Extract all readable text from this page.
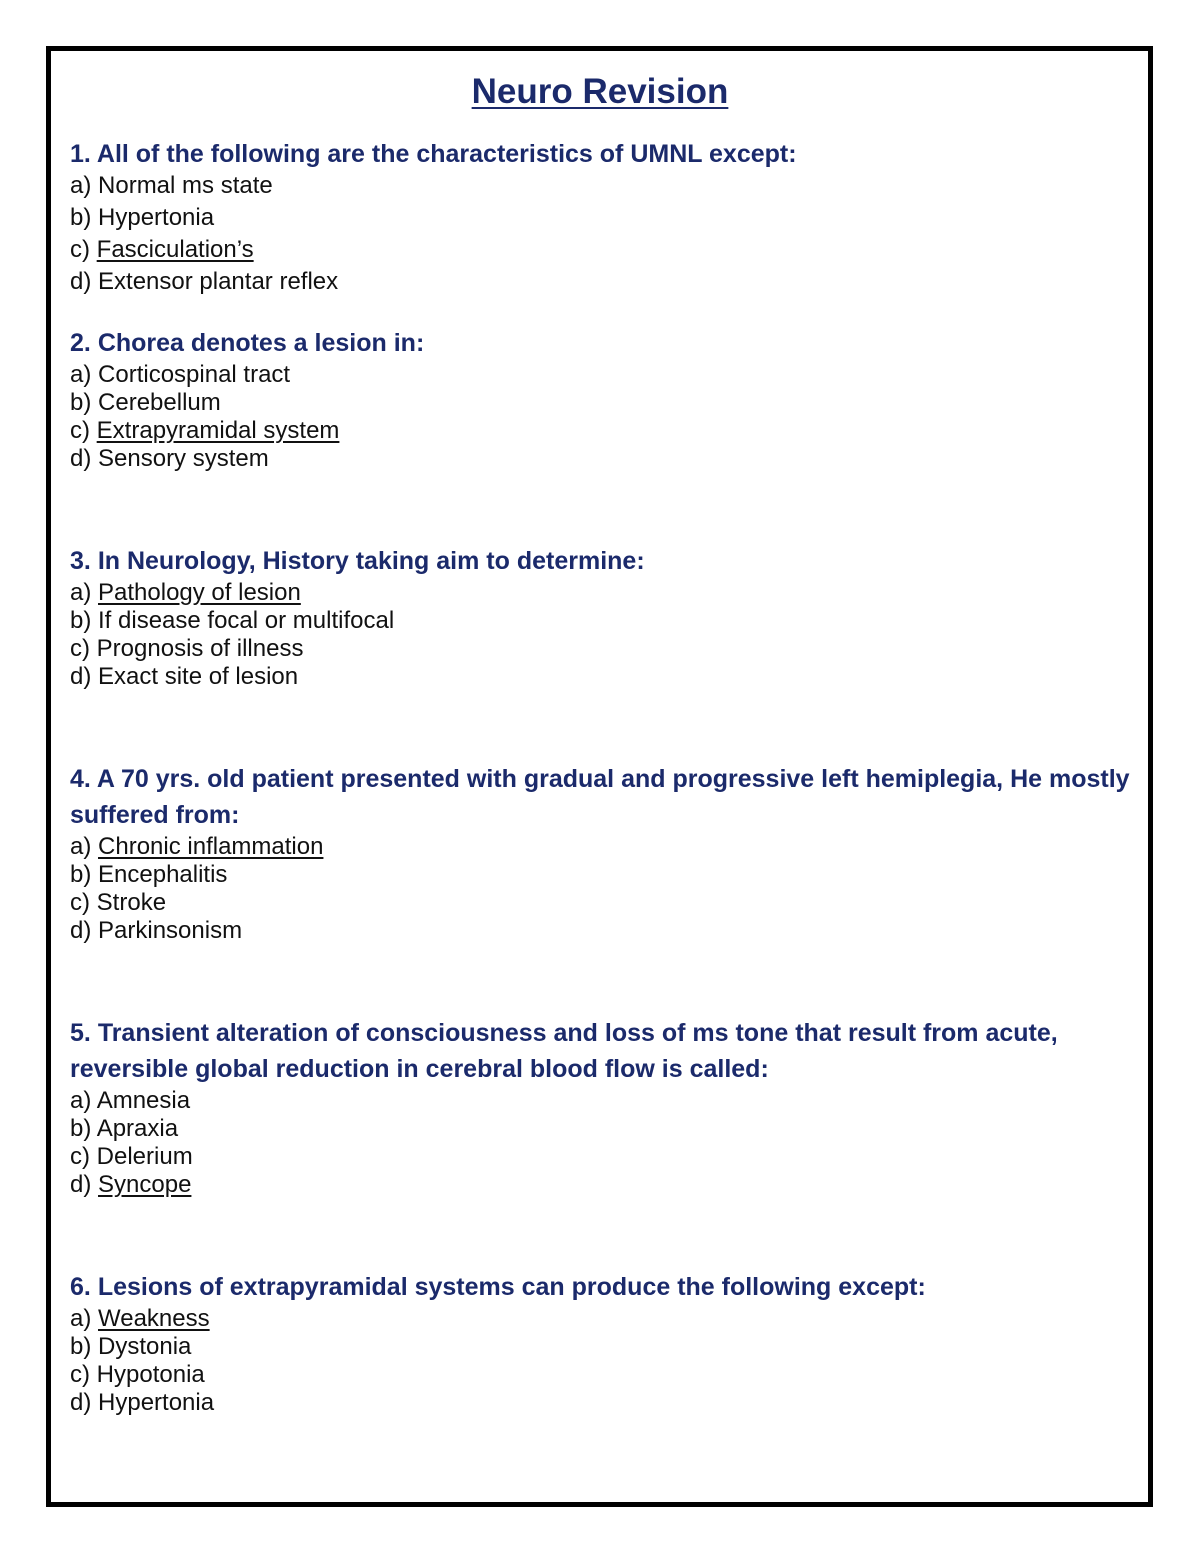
Neuro Revision
1. All of the following are the characteristics of UMNL except:
a) Normal ms state
b) Hypertonia
c) Fasciculation’s
d) Extensor plantar reflex
2. Chorea denotes a lesion in:
a) Corticospinal tract
b) Cerebellum
c) Extrapyramidal system
d) Sensory system
3. In Neurology, History taking aim to determine:
a) Pathology of lesion
b) If disease focal or multifocal
c) Prognosis of illness
d) Exact site of lesion
4. A 70 yrs. old patient presented with gradual and progressive left hemiplegia, He mostly suffered from:
a) Chronic inflammation
b) Encephalitis
c) Stroke
d) Parkinsonism
5. Transient alteration of consciousness and loss of ms tone that result from acute, reversible global reduction in cerebral blood flow is called:
a) Amnesia
b) Apraxia
c) Delerium
d) Syncope
6. Lesions of extrapyramidal systems can produce the following except:
a) Weakness
b) Dystonia
c) Hypotonia
d) Hypertonia
